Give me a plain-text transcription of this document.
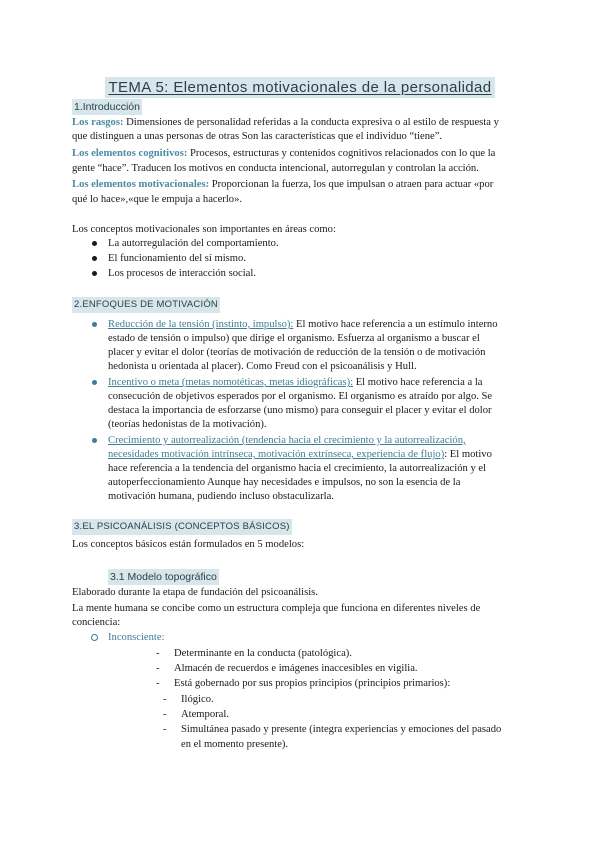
TEMA 5: Elementos motivacionales de la personalidad
1.Introducción

Los rasgos: Dimensiones de personalidad referidas a la conducta expresiva o al estilo de respuesta y

que distinguen a unas personas de otras Son las características que el individuo “tiene”.

Los elementos cognitivos: Procesos, estructuras y contenidos cognitivos relacionados con lo que la

gente “hace”. Traducen los motivos en conducta intencional, autorregulan y controlan la acción.

Los elementos motivacionales: Proporcionan la fuerza, los que impulsan o atraen para actuar «por

qué lo hace»,«que le empuja a hacerlo».

Los conceptos motivacionales son importantes en áreas como:

La autorregulación del comportamiento.

El funcionamiento del sí mismo.

Los procesos de interacción social.

2.ENFOQUES DE MOTIVACIÓN

Reducción de la tensión (instinto, impulso): El motivo hace referencia a un estímulo interno

estado de tensión o impulso) que dirige el organismo. Esfuerza al organismo a buscar el

placer y evitar el dolor (teorías de motivación de reducción de la tensión o de motivación

hedonista u orientada al placer). Como Freud con el psicoanálisis y Hull.

Incentivo o meta (metas nomotéticas, metas idiográficas): El motivo hace referencia a la

consecución de objetivos esperados por el organismo. El organismo es atraído por algo. Se

destaca la importancia de esforzarse (uno mismo) para conseguir el placer y evitar el dolor

(teorías hedonistas de la motivación).

Crecimiento y autorrealización (tendencia hacia el crecimiento y la autorrealización,

necesidades motivación intrínseca, motivación extrínseca, experiencia de flujo): El motivo

hace referencia a la tendencia del organismo hacia el crecimiento, la autorrealización y el

autoperfeccionamiento Aunque hay necesidades e impulsos, no son la esencia de la

motivación humana, pudiendo incluso obstaculizarla.

3.EL PSICOANÁLISIS (CONCEPTOS BÁSICOS)

Los conceptos básicos están formulados en 5 modelos:

3.1 Modelo topográfico

Elaborado durante la etapa de fundación del psicoanálisis.

La mente humana se concibe como un estructura compleja que funciona en diferentes niveles de

conciencia:

Inconsciente:

- Determinante en la conducta (patológica).

- Almacén de recuerdos e imágenes inaccesibles en vigilia.

- Está gobernado por sus propios principios (principios primarios):

- Ilógico.

- Atemporal.

- Simultánea pasado y presente (integra experiencias y emociones del pasado

en el momento presente).
